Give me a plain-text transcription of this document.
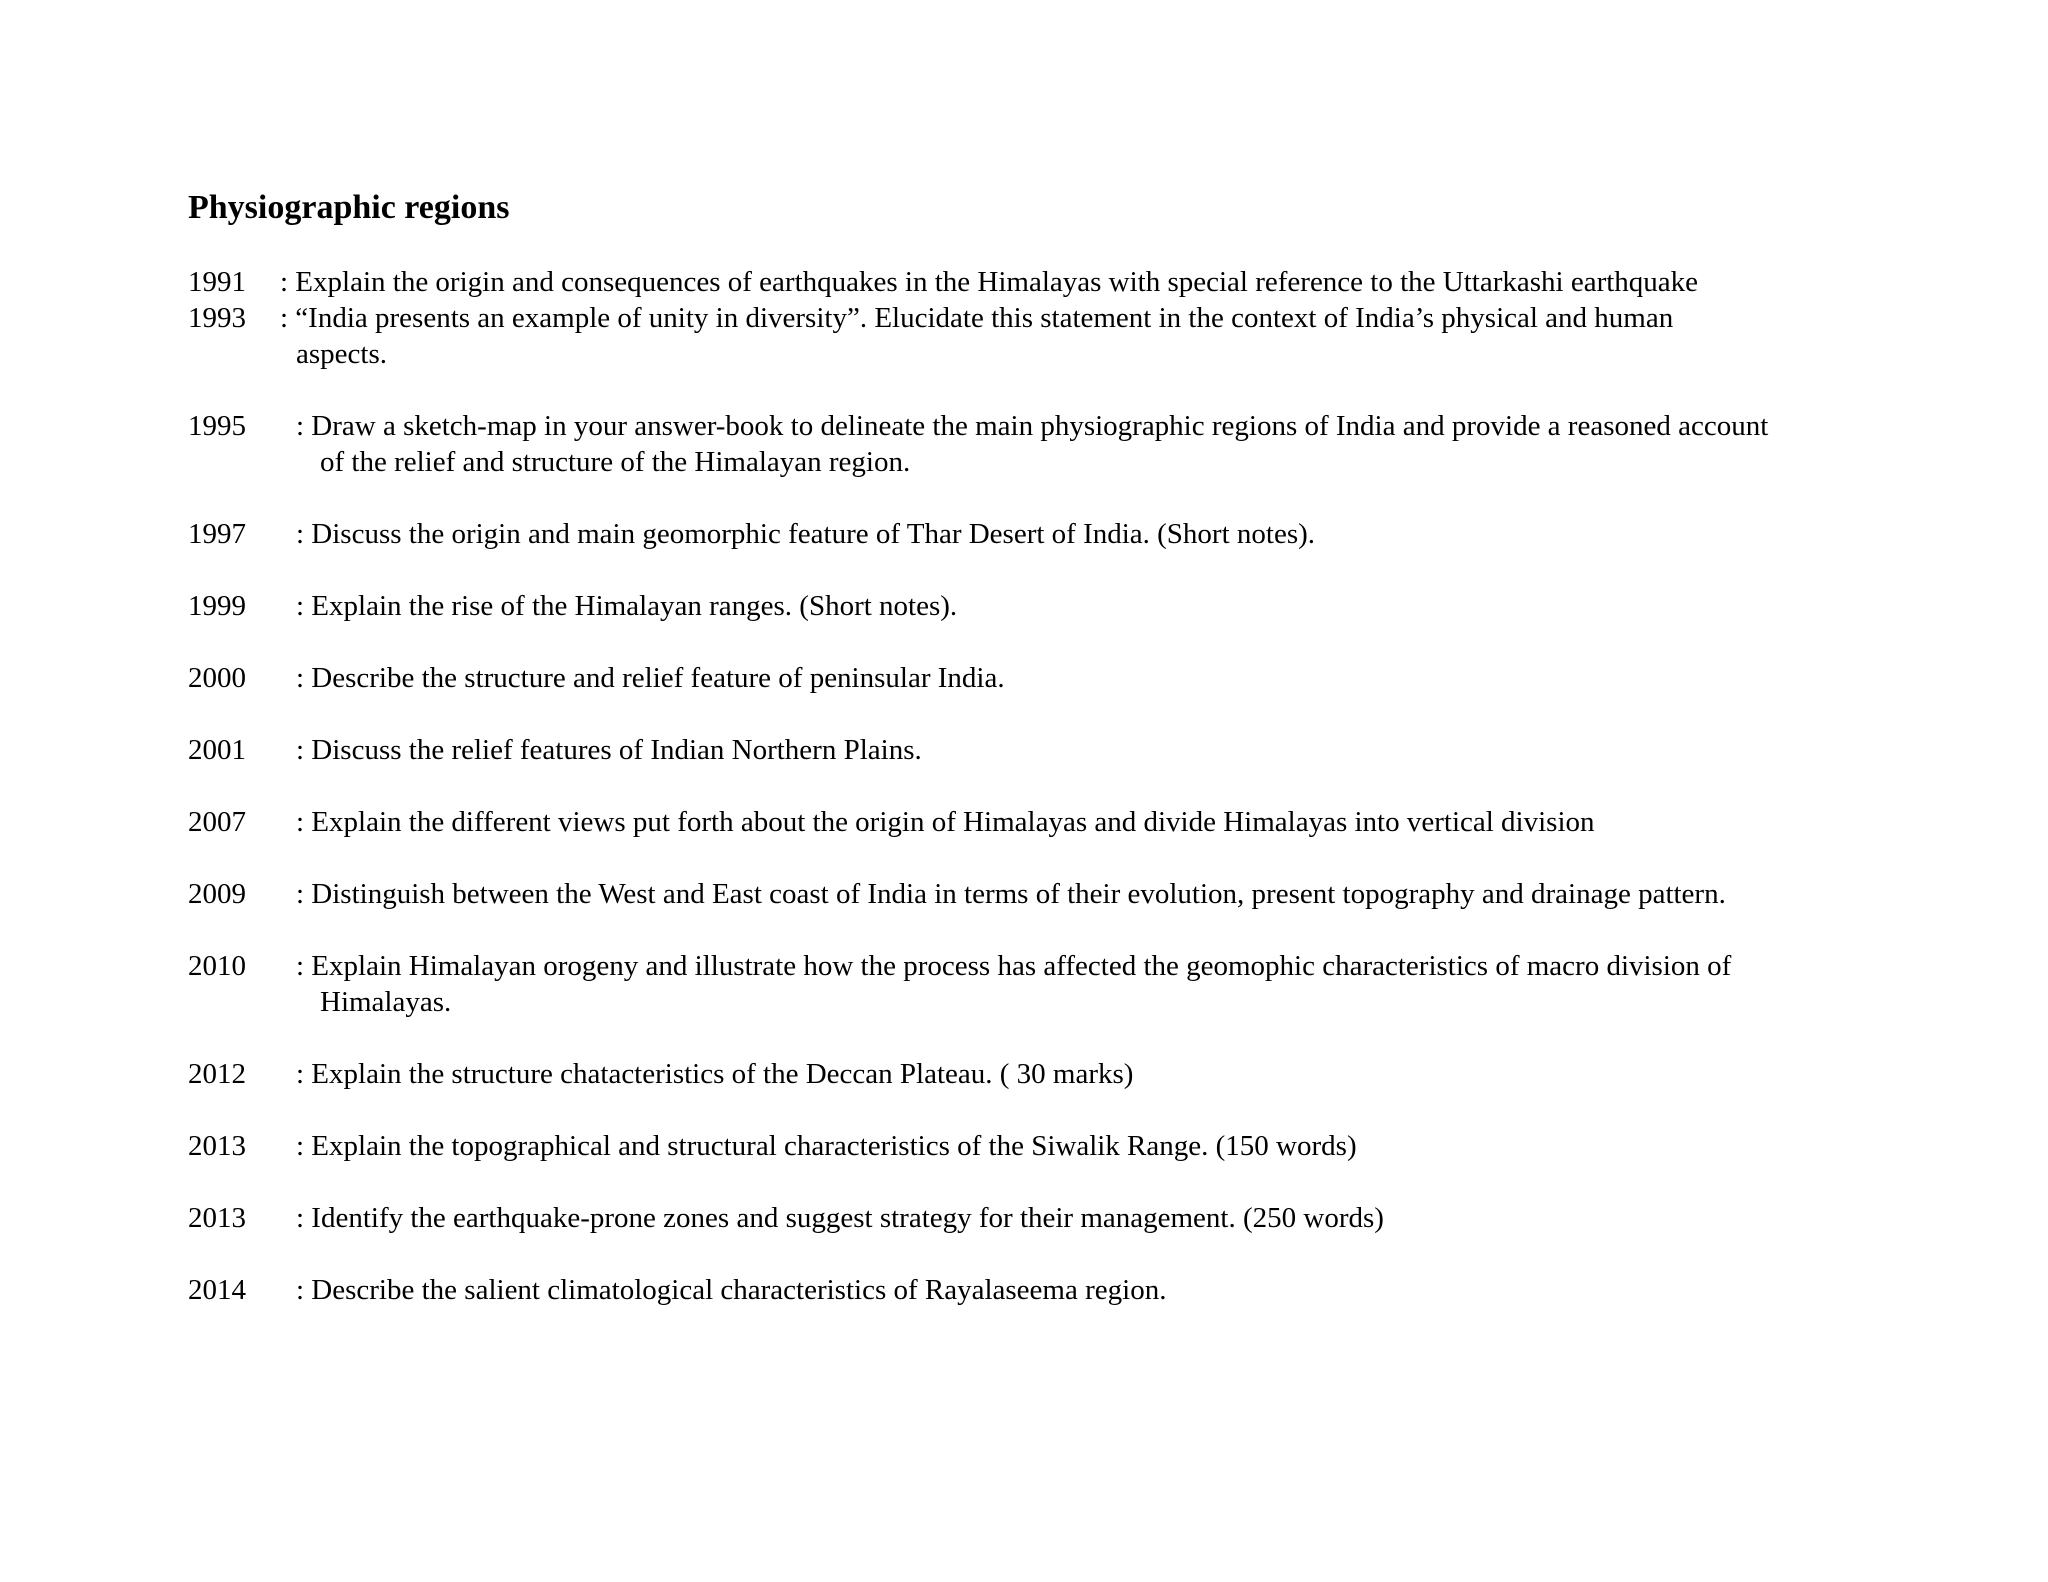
Physiographic regions
1991 : Explain the origin and consequences of earthquakes in the Himalayas with special reference to the Uttarkashi earthquake
1993 : “India presents an example of unity in diversity”. Elucidate this statement in the context of India’s physical and human
aspects.
1995 : Draw a sketch-map in your answer-book to delineate the main physiographic regions of India and provide a reasoned account
of the relief and structure of the Himalayan region.
1997 : Discuss the origin and main geomorphic feature of Thar Desert of India. (Short notes).
1999 : Explain the rise of the Himalayan ranges. (Short notes).
2000 : Describe the structure and relief feature of peninsular India.
2001 : Discuss the relief features of Indian Northern Plains.
2007 : Explain the different views put forth about the origin of Himalayas and divide Himalayas into vertical division
2009 : Distinguish between the West and East coast of India in terms of their evolution, present topography and drainage pattern.
2010 : Explain Himalayan orogeny and illustrate how the process has affected the geomophic characteristics of macro division of
Himalayas.
2012 : Explain the structure chatacteristics of the Deccan Plateau. ( 30 marks)
2013 : Explain the topographical and structural characteristics of the Siwalik Range. (150 words)
2013 : Identify the earthquake-prone zones and suggest strategy for their management. (250 words)
2014 : Describe the salient climatological characteristics of Rayalaseema region.
